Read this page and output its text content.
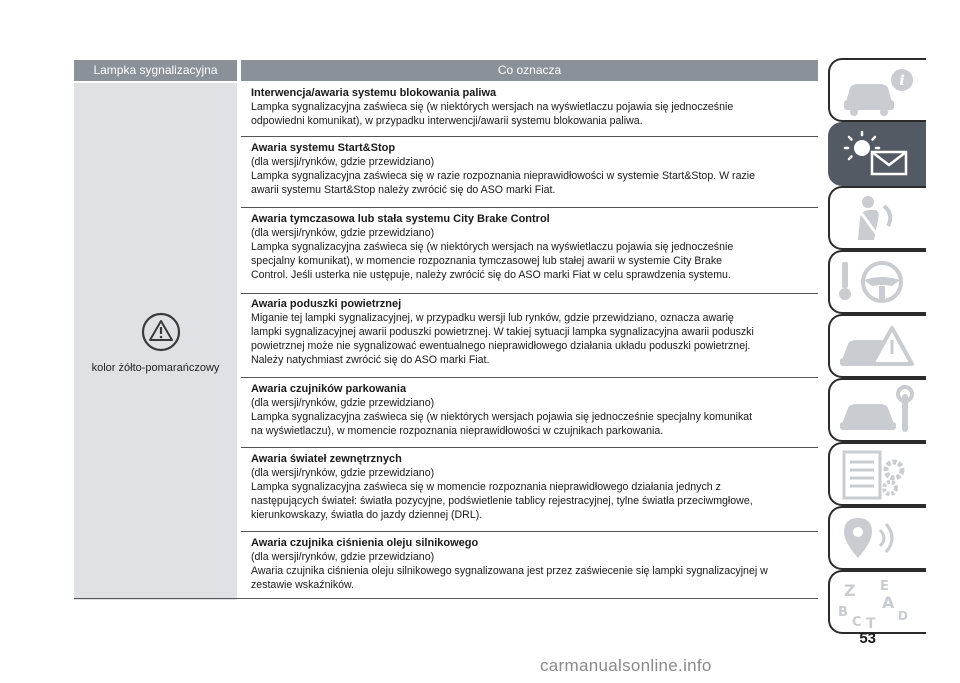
Lampka sygnalizacyjna	Co oznacza
kolor żółto-pomarańczowy
Interwencja/awaria systemu blokowania paliwa

Lampka sygnalizacyjna zaświeca się (w niektórych wersjach na wyświetlaczu pojawia się jednocześnie

odpowiedni komunikat), w przypadku interwencji/awarii systemu blokowania paliwa.

Awaria systemu Start&Stop

(dla wersji/rynków, gdzie przewidziano)

Lampka sygnalizacyjna zaświeca się w razie rozpoznania nieprawidłowości w systemie Start&Stop. W razie

awarii systemu Start&Stop należy zwrócić się do ASO marki Fiat.

Awaria tymczasowa lub stała systemu City Brake Control

(dla wersji/rynków, gdzie przewidziano)

Lampka sygnalizacyjna zaświeca się (w niektórych wersjach na wyświetlaczu pojawia się jednocześnie

specjalny komunikat), w momencie rozpoznania tymczasowej lub stałej awarii w systemie City Brake

Control. Jeśli usterka nie ustępuje, należy zwrócić się do ASO marki Fiat w celu sprawdzenia systemu.

Awaria poduszki powietrznej

Miganie tej lampki sygnalizacyjnej, w przypadku wersji lub rynków, gdzie przewidziano, oznacza awarię

lampki sygnalizacyjnej awarii poduszki powietrznej. W takiej sytuacji lampka sygnalizacyjna awarii poduszki

powietrznej może nie sygnalizować ewentualnego nieprawidłowego działania układu poduszki powietrznej.

Należy natychmiast zwrócić się do ASO marki Fiat.

Awaria czujników parkowania

(dla wersji/rynków, gdzie przewidziano)

Lampka sygnalizacyjna zaświeca się (w niektórych wersjach pojawia się jednocześnie specjalny komunikat

na wyświetlaczu), w momencie rozpoznania nieprawidłowości w czujnikach parkowania.

Awaria świateł zewnętrznych

(dla wersji/rynków, gdzie przewidziano)

Lampka sygnalizacyjna zaświeca się w momencie rozpoznania nieprawidłowego działania jednych z

następujących świateł: światła pozycyjne, podświetlenie tablicy rejestracyjnej, tylne światła przeciwmgłowe,

kierunkowskazy, światła do jazdy dziennej (DRL).

Awaria czujnika ciśnienia oleju silnikowego

(dla wersji/rynków, gdzie przewidziano)

Awaria czujnika ciśnienia oleju silnikowego sygnalizowana jest przez zaświecenie się lampki sygnalizacyjnej w

zestawie wskaźników.

i
Z E
A
B
C T D
53
carmanualsonline.info
